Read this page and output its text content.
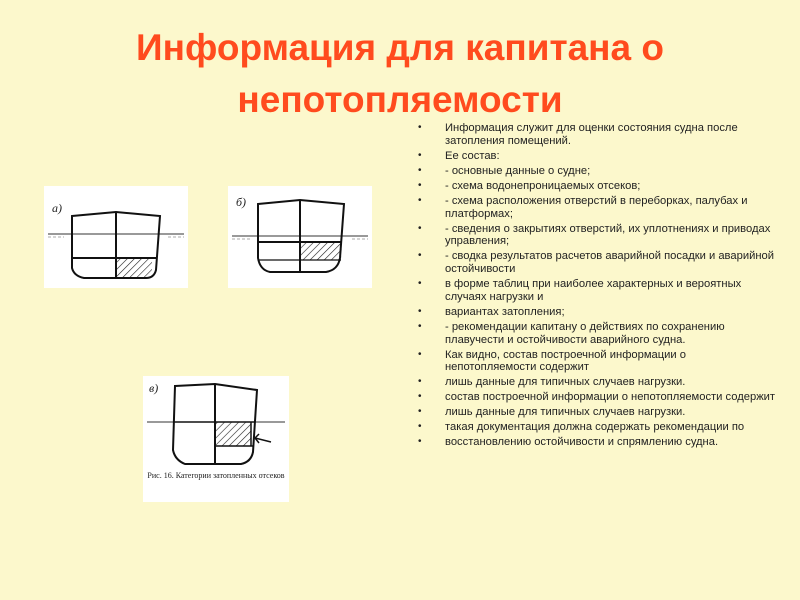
Информация для капитана о
непотопляемости
• Информация служит для оценки состояния судна после затопления помещений.
• Ее состав:
• - основные данные о судне;
• - схема водонепроницаемых отсеков;
• - схема расположения отверстий в переборках, палубах и платформах;
• - сведения о закрытиях отверстий, их уплотнениях и приводах управления;
• - сводка результатов расчетов аварийной посадки и аварийной остойчивости
• в форме таблиц при наиболее характерных и вероятных случаях нагрузки и
• вариантах затопления;
• - рекомендации капитану о действиях по сохранению плавучести и остойчивости аварийного судна.
• Как видно, состав построечной информации о непотопляемости содержит
• лишь данные для типичных случаев нагрузки.
• состав построечной информации о непотопляемости содержит
• лишь данные для типичных случаев нагрузки.
• такая документация должна содержать рекомендации по
• восстановлению остойчивости и спрямлению судна.
а)	б)
в)
Рис. 16. Категории затопленных отсеков
